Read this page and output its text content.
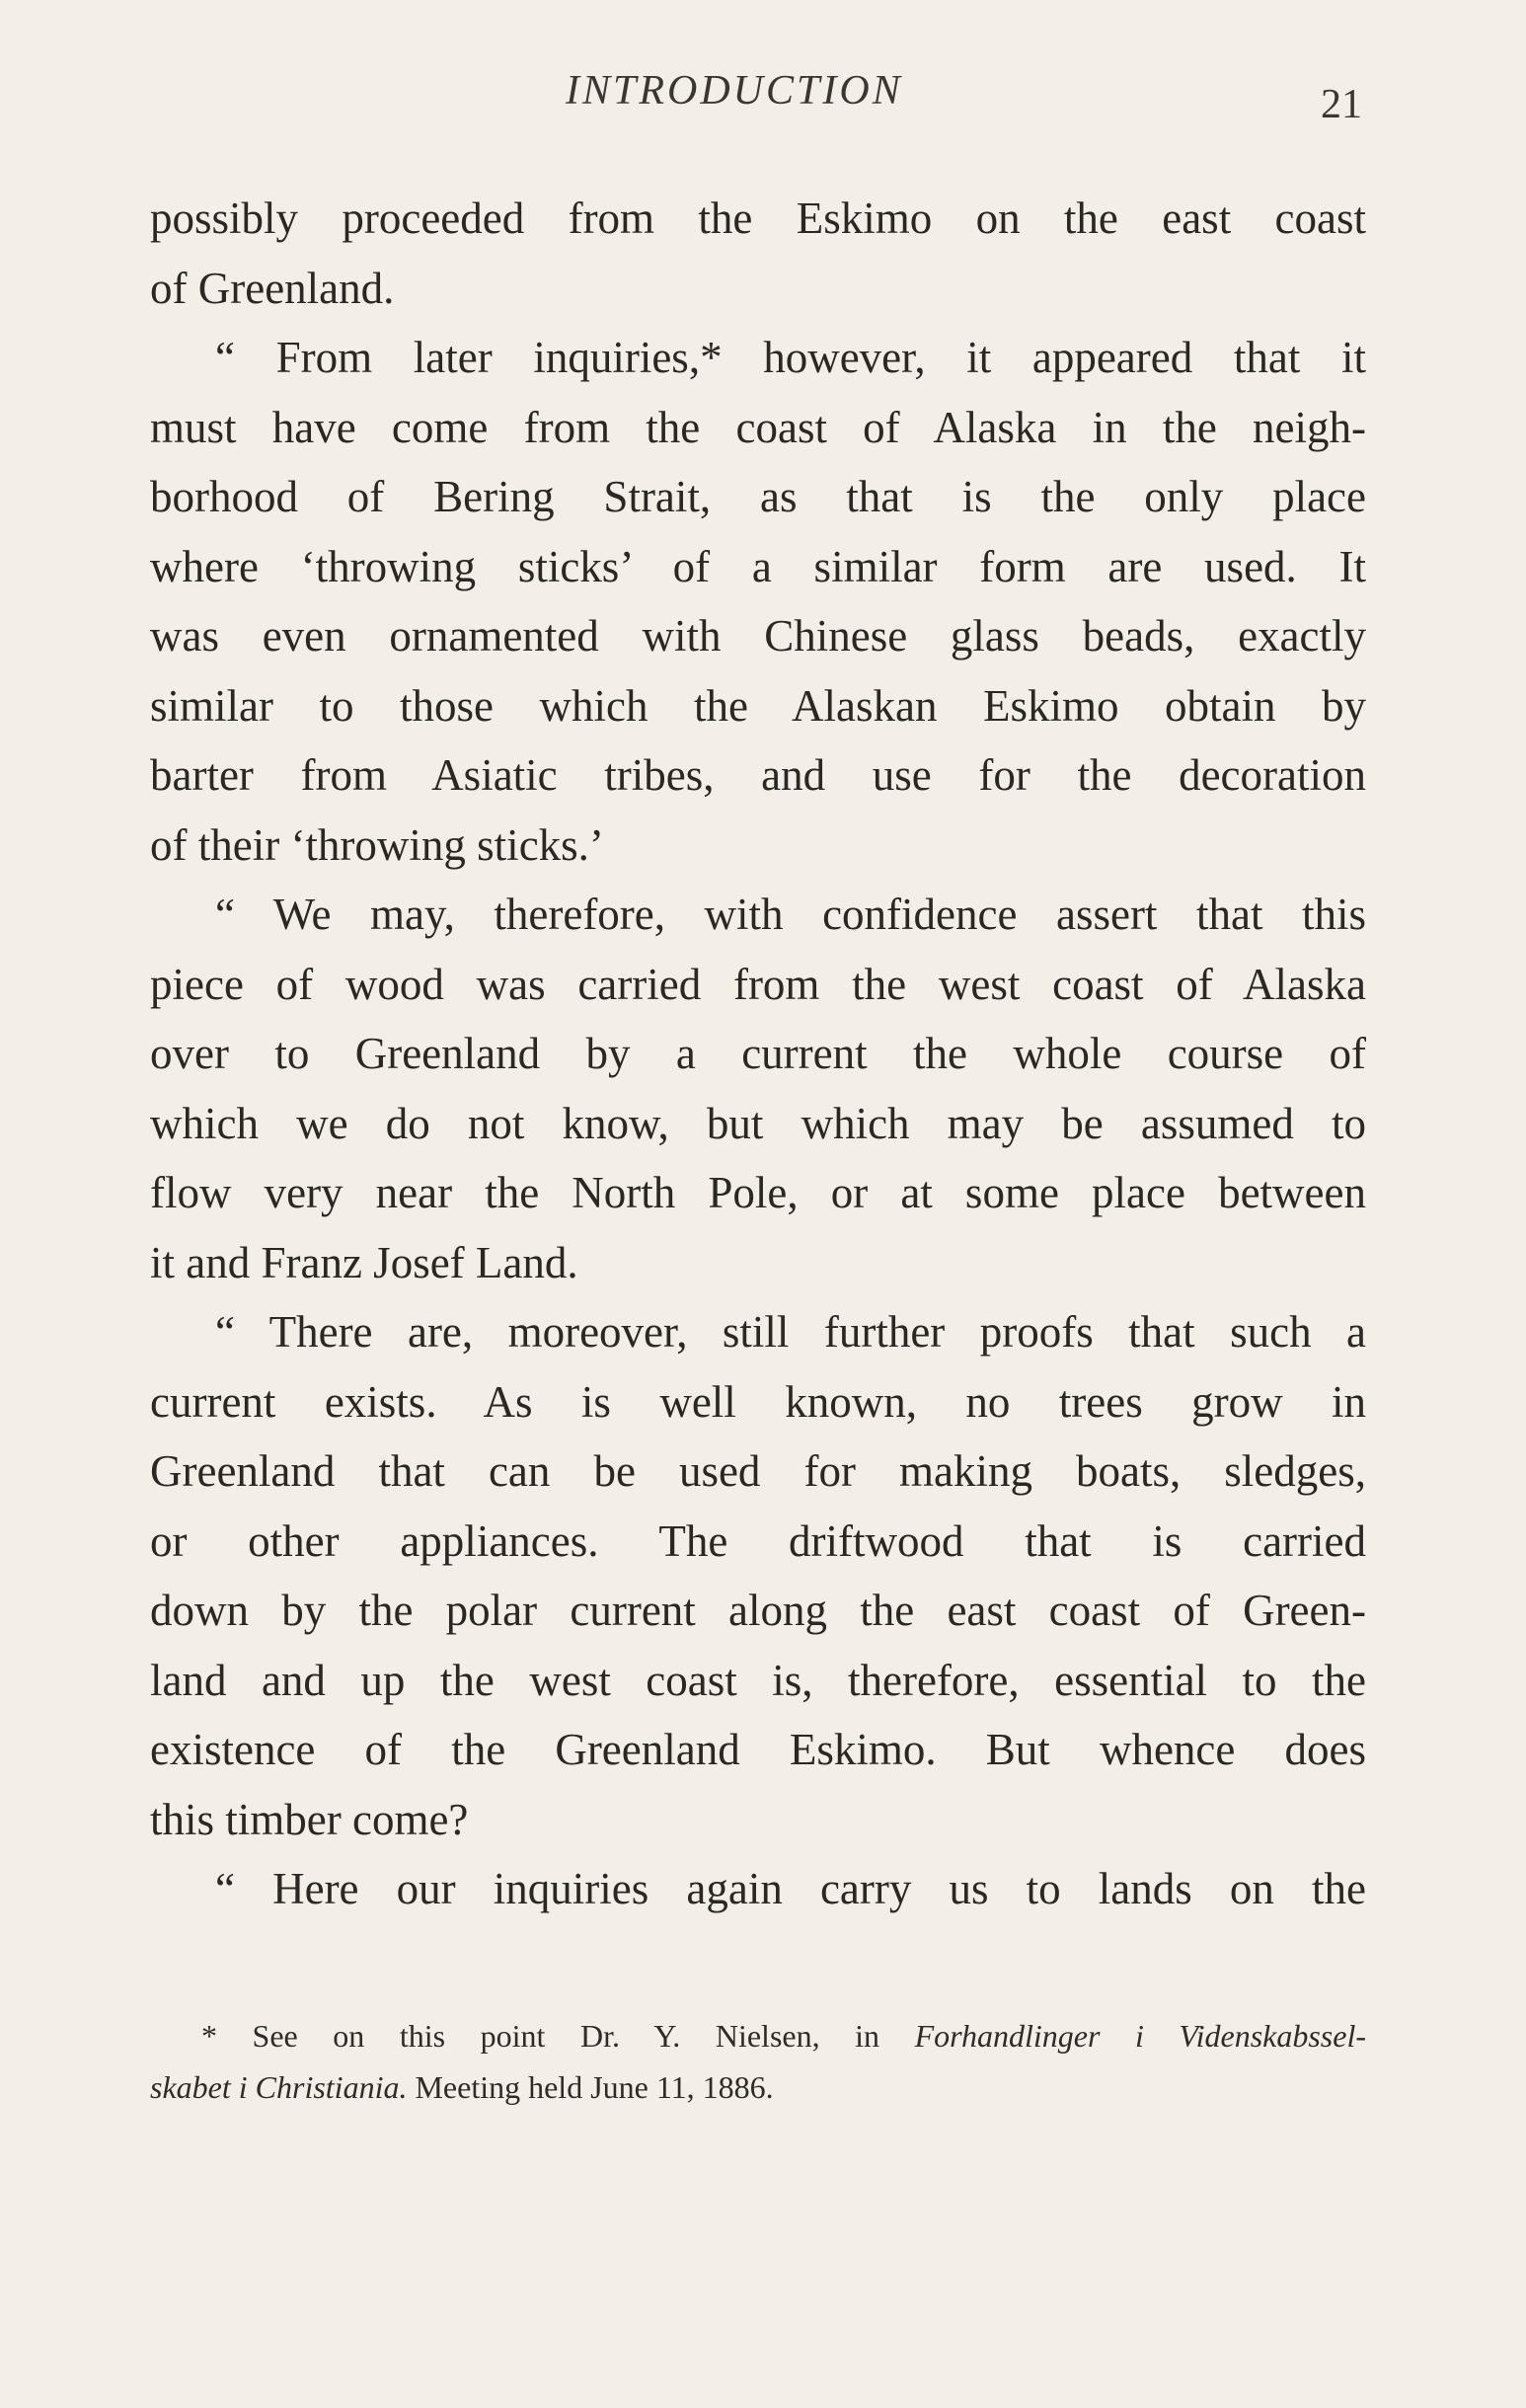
INTRODUCTION	21
possibly proceeded from the Eskimo on the east coast
of Greenland.
“ From later inquiries,* however, it appeared that it
must have come from the coast of Alaska in the neigh-
borhood of Bering Strait, as that is the only place
where ‘throwing sticks’ of a similar form are used. It
was even ornamented with Chinese glass beads, exactly
similar to those which the Alaskan Eskimo obtain by
barter from Asiatic tribes, and use for the decoration
of their ‘throwing sticks.’
“ We may, therefore, with confidence assert that this
piece of wood was carried from the west coast of Alaska
over to Greenland by a current the whole course of
which we do not know, but which may be assumed to
flow very near the North Pole, or at some place between
it and Franz Josef Land.
“ There are, moreover, still further proofs that such a
current exists. As is well known, no trees grow in
Greenland that can be used for making boats, sledges,
or other appliances. The driftwood that is carried
down by the polar current along the east coast of Green-
land and up the west coast is, therefore, essential to the
existence of the Greenland Eskimo. But whence does
this timber come?
“ Here our inquiries again carry us to lands on the
* See on this point Dr. Y. Nielsen, in Forhandlinger i Videnskabssel-
skabet i Christiania. Meeting held June 11, 1886.
